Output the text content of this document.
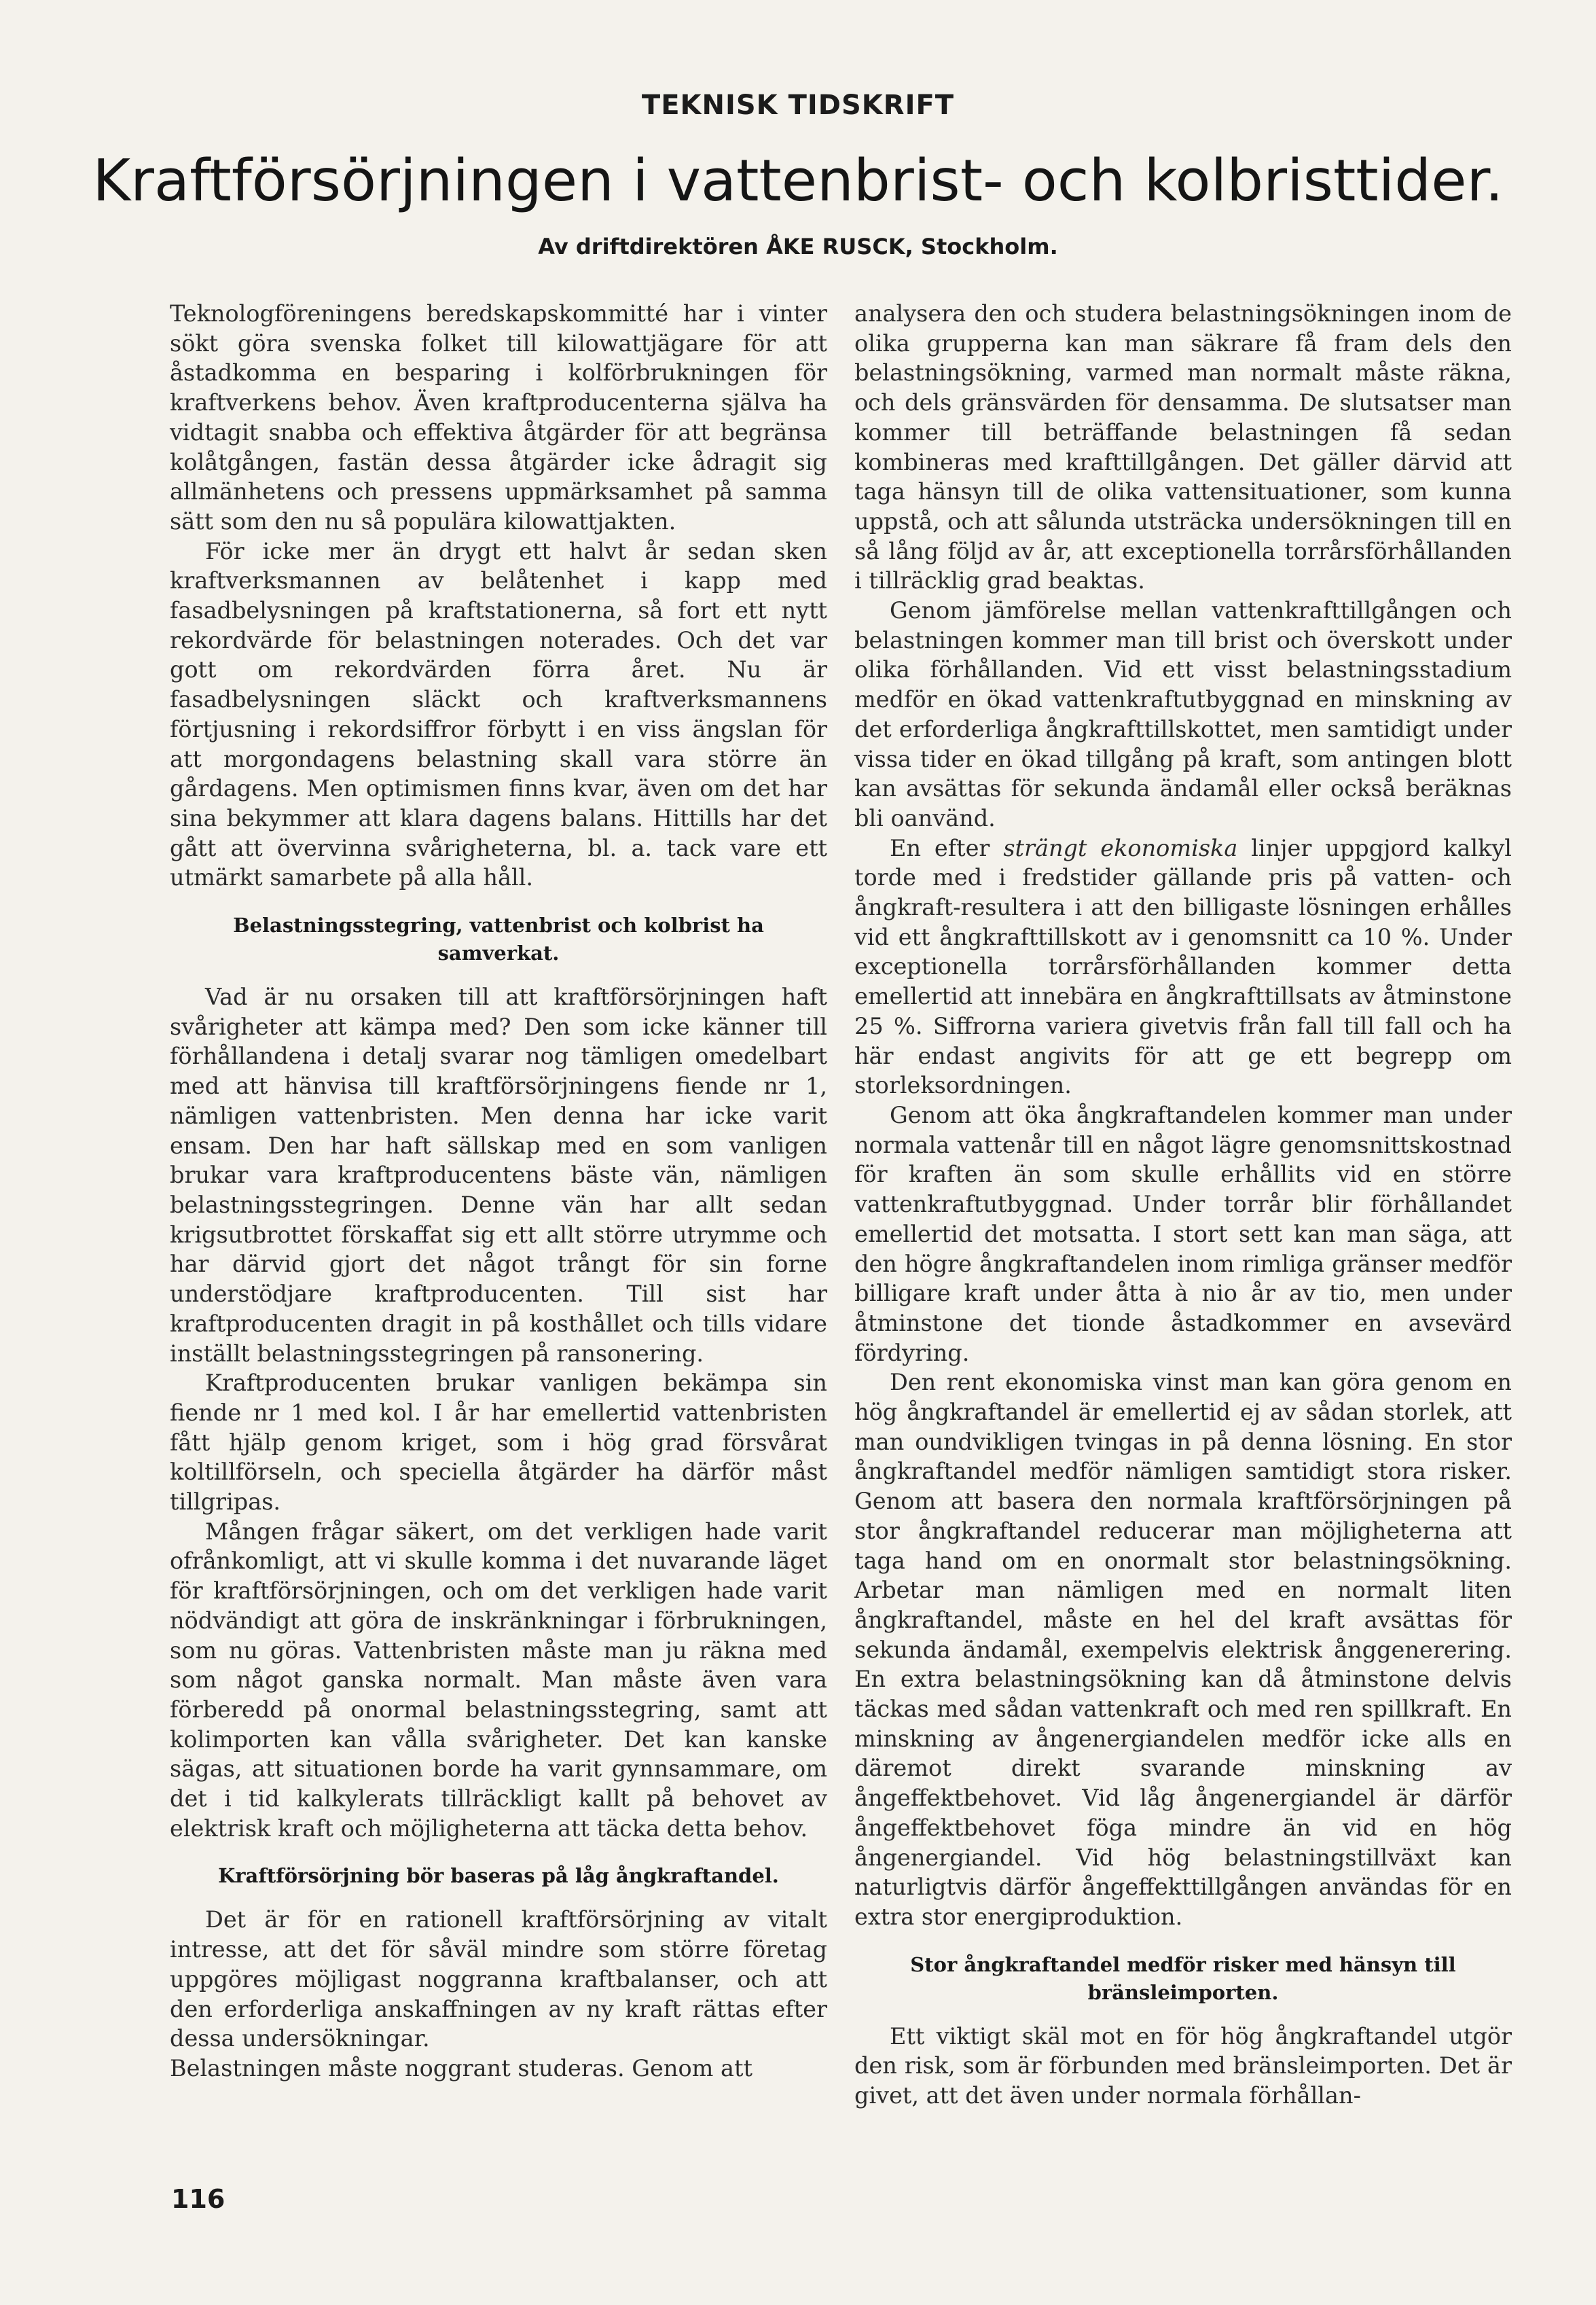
TEKNISK TIDSKRIFT
Kraftförsörjningen i vattenbrist- och kolbristtider.
Av driftdirektören ÅKE RUSCK, Stockholm.

Teknologföreningens beredskapskommitté har i vinter sökt göra svenska folket till kilowattjägare för att åstadkomma en besparing i kolförbrukningen för kraftverkens behov. Även kraftproducenterna själva ha vidtagit snabba och effektiva åtgärder för att begränsa kolåtgången, fastän dessa åtgärder icke ådragit sig allmänhetens och pressens uppmärksamhet på samma sätt som den nu så populära kilowattjakten.

För icke mer än drygt ett halvt år sedan sken kraftverksmannen av belåtenhet i kapp med fasadbelysningen på kraftstationerna, så fort ett nytt rekordvärde för belastningen noterades. Och det var gott om rekordvärden förra året. Nu är fasadbelysningen släckt och kraftverksmannens förtjusning i rekordsiffror förbytt i en viss ängslan för att morgondagens belastning skall vara större än gårdagens. Men optimismen finns kvar, även om det har sina bekymmer att klara dagens balans. Hittills har det gått att övervinna svårigheterna, bl. a. tack vare ett utmärkt samarbete på alla håll.

Belastningsstegring, vattenbrist och kolbrist ha samverkat.

Vad är nu orsaken till att kraftförsörjningen haft svårigheter att kämpa med? Den som icke känner till förhållandena i detalj svarar nog tämligen omedelbart med att hänvisa till kraftförsörjningens fiende nr 1, nämligen vattenbristen. Men denna har icke varit ensam. Den har haft sällskap med en som vanligen brukar vara kraftproducentens bäste vän, nämligen belastningsstegringen. Denne vän har allt sedan krigsutbrottet förskaffat sig ett allt större utrymme och har därvid gjort det något trångt för sin forne understödjare kraftproducenten. Till sist har kraftproducenten dragit in på kosthållet och tills vidare inställt belastningsstegringen på ransonering.

Kraftproducenten brukar vanligen bekämpa sin fiende nr 1 med kol. I år har emellertid vattenbristen fått hjälp genom kriget, som i hög grad försvårat koltillförseln, och speciella åtgärder ha därför måst tillgripas.

Mången frågar säkert, om det verkligen hade varit ofrånkomligt, att vi skulle komma i det nuvarande läget för kraftförsörjningen, och om det verkligen hade varit nödvändigt att göra de inskränkningar i förbrukningen, som nu göras. Vattenbristen måste man ju räkna med som något ganska normalt. Man måste även vara förberedd på onormal belastningsstegring, samt att kolimporten kan vålla svårigheter. Det kan kanske sägas, att situationen borde ha varit gynnsammare, om det i tid kalkylerats tillräckligt kallt på behovet av elektrisk kraft och möjligheterna att täcka detta behov.

Kraftförsörjning bör baseras på låg ångkraftandel.

Det är för en rationell kraftförsörjning av vitalt intresse, att det för såväl mindre som större företag uppgöres möjligast noggranna kraftbalanser, och att den erforderliga anskaffningen av ny kraft rättas efter dessa undersökningar.

Belastningen måste noggrant studeras. Genom att

analysera den och studera belastningsökningen inom de olika grupperna kan man säkrare få fram dels den belastningsökning, varmed man normalt måste räkna, och dels gränsvärden för densamma. De slutsatser man kommer till beträffande belastningen få sedan kombineras med krafttillgången. Det gäller därvid att taga hänsyn till de olika vattensituationer, som kunna uppstå, och att sålunda utsträcka undersökningen till en så lång följd av år, att exceptionella torrårsförhållanden i tillräcklig grad beaktas.

Genom jämförelse mellan vattenkrafttillgången och belastningen kommer man till brist och överskott under olika förhållanden. Vid ett visst belastningsstadium medför en ökad vattenkraftutbyggnad en minskning av det erforderliga ångkrafttillskottet, men samtidigt under vissa tider en ökad tillgång på kraft, som antingen blott kan avsättas för sekunda ändamål eller också beräknas bli oanvänd.

En efter strängt ekonomiska linjer uppgjord kalkyl torde med i fredstider gällande pris på vatten- och ångkraft-resultera i att den billigaste lösningen erhålles vid ett ångkrafttillskott av i genomsnitt ca 10 %. Under exceptionella torrårsförhållanden kommer detta emellertid att innebära en ångkrafttillsats av åtminstone 25 %. Siffrorna variera givetvis från fall till fall och ha här endast angivits för att ge ett begrepp om storleksordningen.

Genom att öka ångkraftandelen kommer man under normala vattenår till en något lägre genomsnittskostnad för kraften än som skulle erhållits vid en större vattenkraftutbyggnad. Under torrår blir förhållandet emellertid det motsatta. I stort sett kan man säga, att den högre ångkraftandelen inom rimliga gränser medför billigare kraft under åtta à nio år av tio, men under åtminstone det tionde åstadkommer en avsevärd fördyring.

Den rent ekonomiska vinst man kan göra genom en hög ångkraftandel är emellertid ej av sådan storlek, att man oundvikligen tvingas in på denna lösning. En stor ångkraftandel medför nämligen samtidigt stora risker. Genom att basera den normala kraftförsörjningen på stor ångkraftandel reducerar man möjligheterna att taga hand om en onormalt stor belastningsökning. Arbetar man nämligen med en normalt liten ångkraftandel, måste en hel del kraft avsättas för sekunda ändamål, exempelvis elektrisk ånggenerering. En extra belastningsökning kan då åtminstone delvis täckas med sådan vattenkraft och med ren spillkraft. En minskning av ångenergiandelen medför icke alls en däremot direkt svarande minskning av ångeffektbehovet. Vid låg ångenergiandel är därför ångeffektbehovet föga mindre än vid en hög ångenergiandel. Vid hög belastningstillväxt kan naturligtvis därför ångeffekttillgången användas för en extra stor energiproduktion.

Stor ångkraftandel medför risker med hänsyn till bränsleimporten.

Ett viktigt skäl mot en för hög ångkraftandel utgör den risk, som är förbunden med bränsleimporten. Det är givet, att det även under normala förhållan-

116
